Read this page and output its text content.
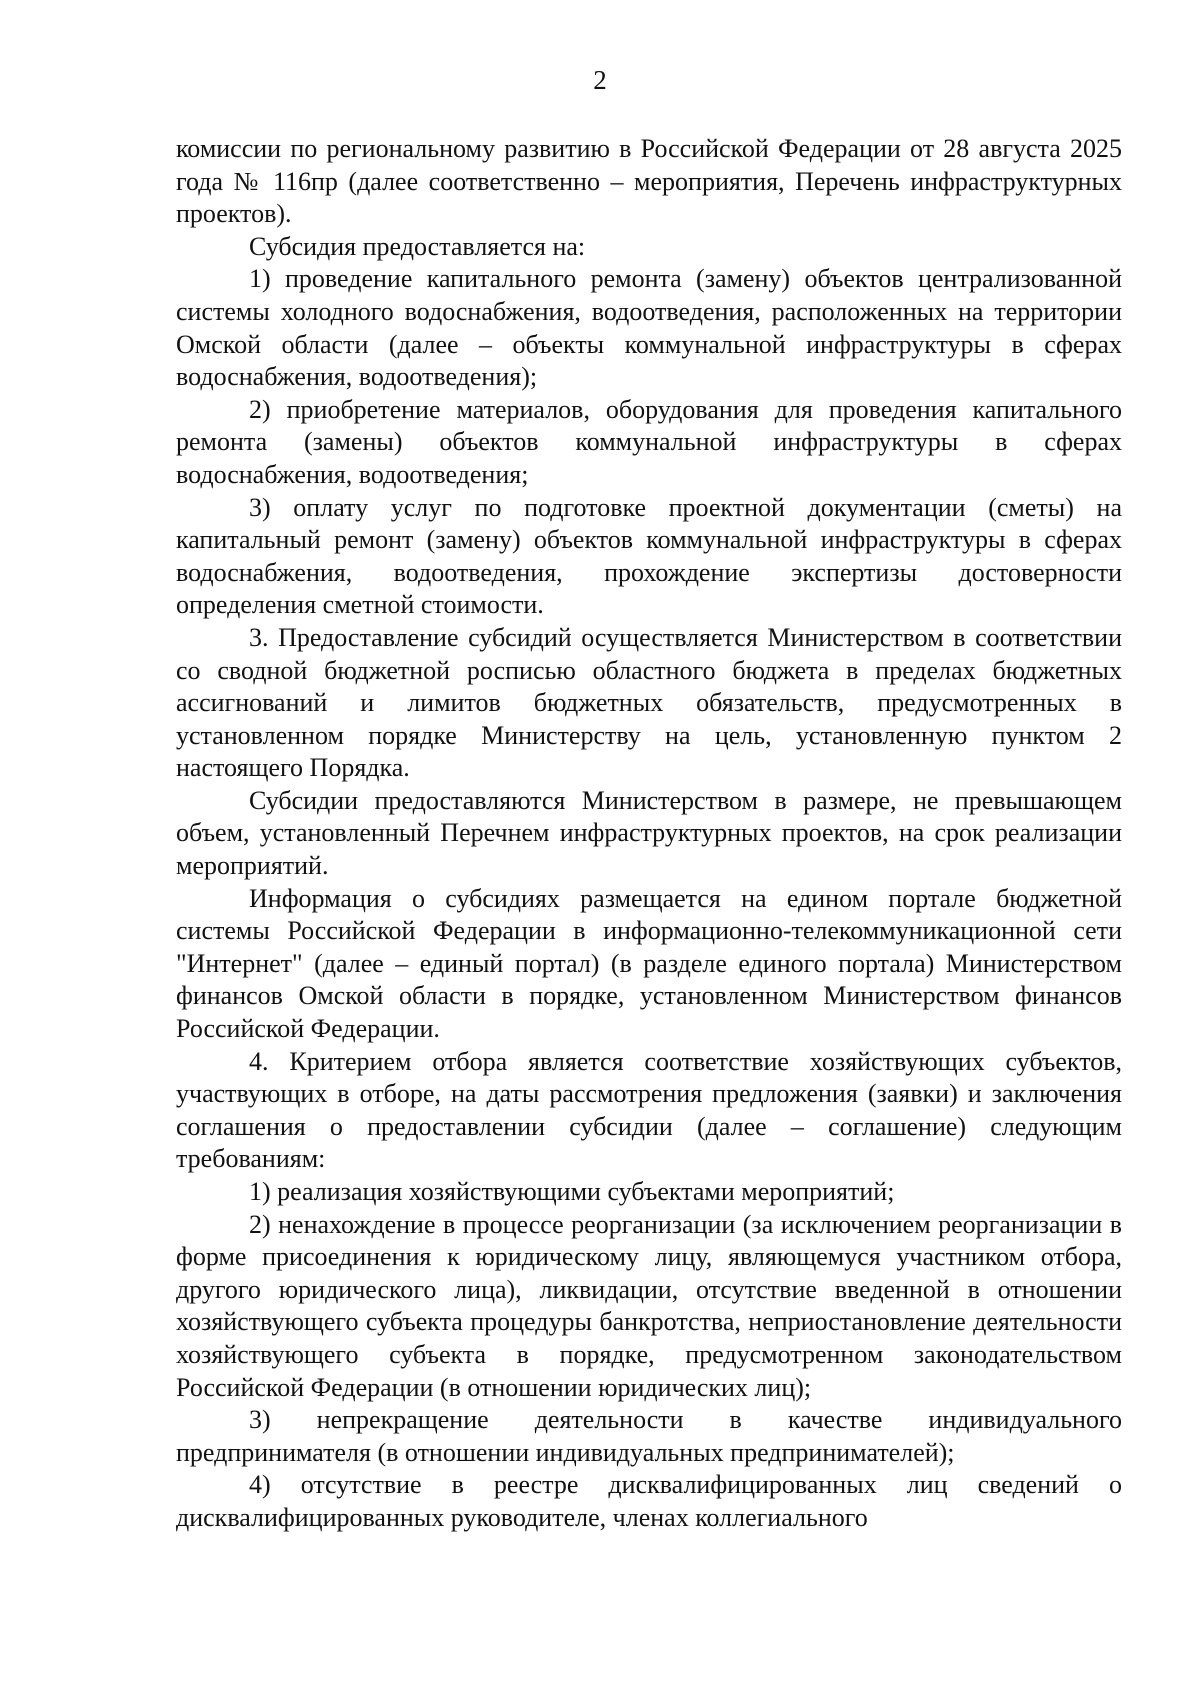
2

комиссии по региональному развитию в Российской Федерации от 28 августа 2025 года № 116пр (далее соответственно – мероприятия, Перечень инфраструктурных проектов).

Субсидия предоставляется на:

1) проведение капитального ремонта (замену) объектов централизованной системы холодного водоснабжения, водоотведения, расположенных на территории Омской области (далее – объекты коммунальной инфраструктуры в сферах водоснабжения, водоотведения);

2) приобретение материалов, оборудования для проведения капитального ремонта (замены) объектов коммунальной инфраструктуры в сферах водоснабжения, водоотведения;

3) оплату услуг по подготовке проектной документации (сметы) на капитальный ремонт (замену) объектов коммунальной инфраструктуры в сферах водоснабжения, водоотведения, прохождение экспертизы достоверности определения сметной стоимости.

3. Предоставление субсидий осуществляется Министерством в соответствии со сводной бюджетной росписью областного бюджета в пределах бюджетных ассигнований и лимитов бюджетных обязательств, предусмотренных в установленном порядке Министерству на цель, установленную пунктом 2 настоящего Порядка.

Субсидии предоставляются Министерством в размере, не превышающем объем, установленный Перечнем инфраструктурных проектов, на срок реализации мероприятий.

Информация о субсидиях размещается на едином портале бюджетной системы Российской Федерации в информационно-телекоммуникационной сети "Интернет" (далее – единый портал) (в разделе единого портала) Министерством финансов Омской области в порядке, установленном Министерством финансов Российской Федерации.

4. Критерием отбора является соответствие хозяйствующих субъектов, участвующих в отборе, на даты рассмотрения предложения (заявки) и заключения соглашения о предоставлении субсидии (далее – соглашение) следующим требованиям:

1) реализация хозяйствующими субъектами мероприятий;

2) ненахождение в процессе реорганизации (за исключением реорганизации в форме присоединения к юридическому лицу, являющемуся участником отбора, другого юридического лица), ликвидации, отсутствие введенной в отношении хозяйствующего субъекта процедуры банкротства, неприостановление деятельности хозяйствующего субъекта в порядке, предусмотренном законодательством Российской Федерации (в отношении юридических лиц);

3) непрекращение деятельности в качестве индивидуального предпринимателя (в отношении индивидуальных предпринимателей);

4) отсутствие в реестре дисквалифицированных лиц сведений о дисквалифицированных руководителе, членах коллегиального
